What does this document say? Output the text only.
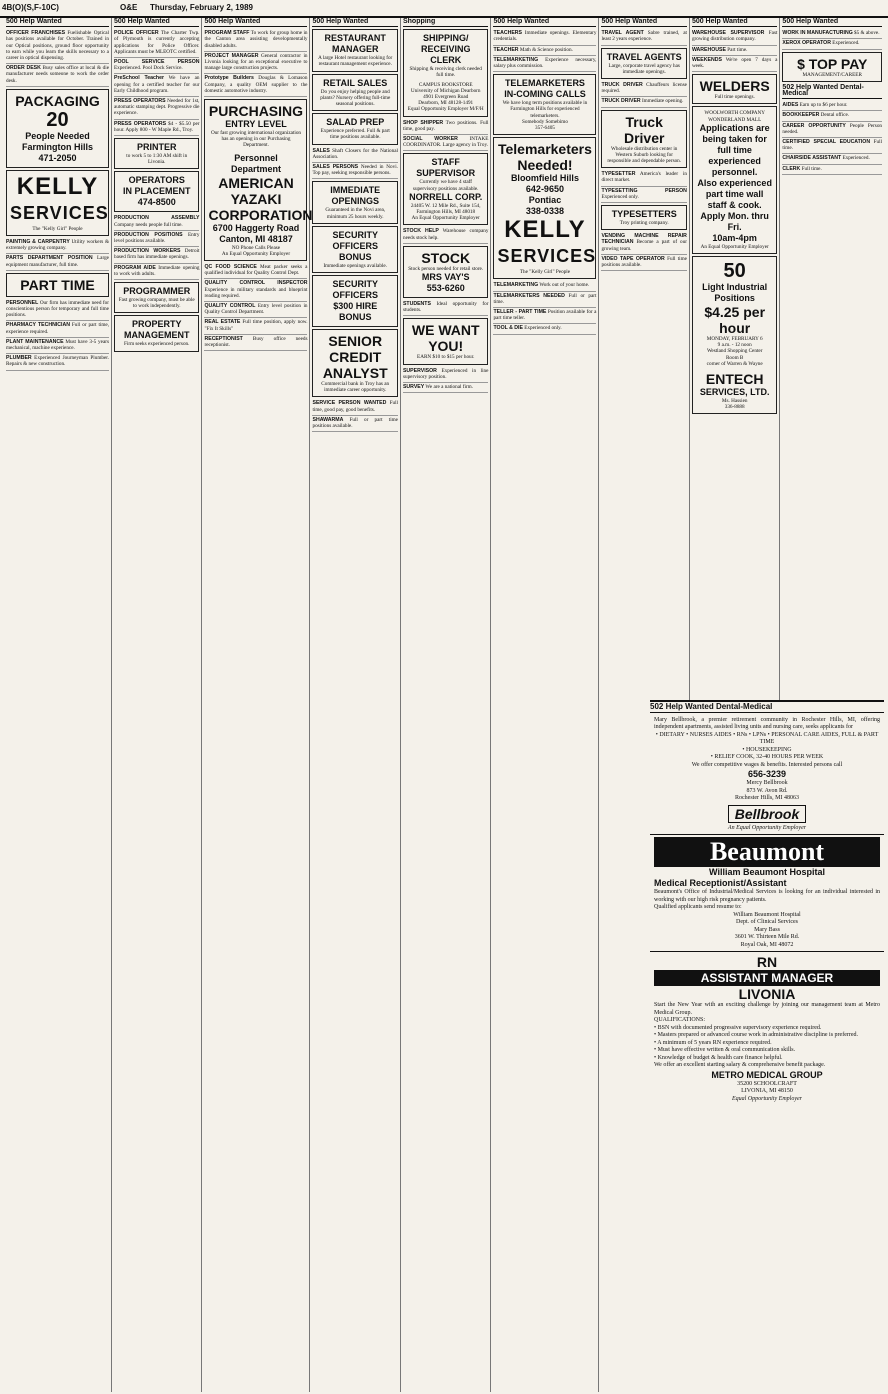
4B(O)(S,F-10C)	O&E Thursday, February 2, 1989
500 Help Wanted
OFFICER FRANCHISES Fuelishable Optical has positions available for October. Trained in our Optical positions, ground floor opportunity to earn while you learn the skills necessary to a career in optical dispensing.
ORDER DESK Busy sales office at local & die manufacturer needs someone to work the order desk.
PACKAGING
20
People Needed
Farmington Hills
471-2050
KELLY
SERVICES
The "Kelly Girl" People
PAINTING & CARPENTRY Utility workers & extremely growing company.
PARTS DEPARTMENT POSITION Large equipment manufacturer, full time.
PART TIME
PERSONNEL Our firm has immediate need for conscientious person for temporary and full time positions.
PHARMACY TECHNICIAN Full or part time, experience required.
PLANT MAINTENANCE Must have 3-5 years mechanical, machine experience.
PLUMBER Experienced Journeyman Plumber. Repairs & new construction.
500 Help Wanted
POLICE OFFICER The Charter Twp. of Plymouth is currently accepting applications for Police Officer. Applicants must be MLEOTC certified.
POOL SERVICE PERSON Experienced. Pool Dock Service.
PreSchool Teacher We have an opening for a certified teacher for our Early Childhood program.
PRESS OPERATORS Needed for 1st, automatic stamping dept. Progressive die experience.
PRESS OPERATORS $4 - $5.50 per hour. Apply 800 - W Maple Rd., Troy.
PRINTER
to work 5 to 1:30 AM shift in Livonia.
OPERATORS
IN PLACEMENT
474-8500
PRODUCTION ASSEMBLY Company needs people full time.
PRODUCTION POSITIONS Entry level positions available.
PRODUCTION WORKERS Detroit based firm has immediate openings.
PROGRAM AIDE Immediate opening to work with adults.
PROGRAMMER
Fast growing company, must be able to work independently.
PROPERTY MANAGEMENT
Firm seeks experienced person.
500 Help Wanted
PROGRAM STAFF To work for group home in the Canton area assisting developmentally disabled adults.
PROJECT MANAGER General contractor in Livonia looking for an exceptional executive to manage large construction projects.
Prototype Builders Douglas & Lomason Company, a quality OEM supplier to the domestic automotive industry.
PURCHASING
ENTRY LEVEL
Our fast growing international organization has an opening in our Purchasing Department.
Personnel Department
AMERICAN YAZAKI CORPORATION
6700 Haggerty Road
Canton, MI 48187
NO Phone Calls Please
An Equal Opportunity Employer
QC FOOD SCIENCE Meat packer seeks a qualified individual for Quality Control Dept.
QUALITY CONTROL INSPECTOR Experience in military standards and blueprint reading required.
QUALITY CONTROL Entry level position in Quality Control Department.
REAL ESTATE Full time position, apply now. "Fix It Skills"
RECEPTIONIST Busy office needs receptionist.
500 Help Wanted
RESTAURANT MANAGER
A large Hotel restaurant looking for restaurant management experience.
RETAIL SALES
Do you enjoy helping people and plants? Nursery offering full-time seasonal positions.
SALAD PREP
Experience preferred. Full & part time positions available.
SALES Shaft Closers for the National Association.
SALES PERSONS Needed in Novi. Top pay, seeking responsible persons.
IMMEDIATE OPENINGS
Guaranteed in the Novi area, minimum 25 hours weekly.
SECURITY OFFICERS
BONUS
Immediate openings available.
SECURITY OFFICERS
$300 HIRE BONUS
SENIOR CREDIT ANALYST
Commercial bank in Troy has an immediate career opportunity.
SERVICE PERSON WANTED Full time, good pay, good benefits.
SHAWARMA Full or part time positions available.
Shopping
SHIPPING/
RECEIVING CLERK
Shipping & receiving clerk needed full time.
CAMPUS BOOKSTORE
University of Michigan Dearborn
4901 Evergreen Road
Dearborn, MI 48128-1491
Equal Opportunity Employer M/F/H
SHOP SHIPPER Two positions. Full time, good pay.
SOCIAL WORKER INTAKE COORDINATOR. Large agency in Troy.
STAFF SUPERVISOR
Currently we have 4 staff supervisory positions available.
NORRELL CORP.
24405 W. 12 Mile Rd., Suite 154,
Farmington Hills, MI 48018
An Equal Opportunity Employer
STOCK HELP Warehouse company needs stock help.
STOCK
Stock person needed for retail store.
MRS VAY'S
553-6260
STUDENTS Ideal opportunity for students.
WE WANT YOU!
EARN $10 to $15 per hour.
SUPERVISOR Experienced in line supervisory position.
SURVEY We are a national firm.
500 Help Wanted
TEACHERS Immediate openings. Elementary credentials.
TEACHER Math & Science position.
TELEMARKETING Experience necessary, salary plus commission.
TELEMARKETERS
IN-COMING CALLS
We have long term positions available in Farmington Hills for experienced telemarketers.
Somebody Somebimo
357-6405
Telemarketers
Needed!
Bloomfield Hills
642-9650
Pontiac
338-0338
KELLY
SERVICES
The "Kelly Girl" People
TELEMARKETING Work out of your home.
TELEMARKETERS NEEDED Full or part time.
TELLER - PART TIME Position available for a part time teller.
TOOL & DIE Experienced only.
500 Help Wanted
TRAVEL AGENT Sabre trained, at least 2 years experience.
TRAVEL AGENTS
Large, corporate travel agency has immediate openings.
TRUCK DRIVER Chauffeurs license required.
TRUCK DRIVER Immediate opening.
Truck Driver
Wholesale distribution center in Western Suburb looking for responsible and dependable person.
TYPESETTER America's leader in direct market.
TYPESETTING PERSON Experienced only.
TYPESETTERS
Troy printing company.
VENDING MACHINE REPAIR TECHNICIAN Become a part of our growing team.
VIDEO TAPE OPERATOR Full time positions available.
500 Help Wanted
WAREHOUSE SUPERVISOR Fast growing distribution company.
WAREHOUSE Part time.
WEEKENDS We're open 7 days a week.
WELDERS
Full time openings.
WOOLWORTH COMPANY
WONDERLAND MALL
Applications are being taken for full time experienced personnel.
Also experienced part time wall staff & cook.
Apply Mon. thru Fri.
10am-4pm
An Equal Opportunity Employer
50
Light Industrial
Positions
$4.25 per hour
MONDAY, FEBRUARY 6
9 a.m. - 12 noon
Westland Shopping Center
Room B
corner of Warren & Wayne
ENTECH
SERVICES, LTD.
Ms. Hassien
336-8888
500 Help Wanted
WORK IN MANUFACTURING $5 & above.
XEROX OPERATOR Experienced.
$ TOP PAY
MANAGEMENT/CAREER
502 Help Wanted Dental-Medical
AIDES Earn up to $6 per hour.
BOOKKEEPER Dental office.
CAREER OPPORTUNITY People Person needed.
CERTIFIED SPECIAL EDUCATION Full time.
CHAIRSIDE ASSISTANT Experienced.
CLERK Full time.
502 Help Wanted Dental-Medical
Mary Bellbrook, a premier retirement community in Rochester Hills, MI, offering independent apartments, assisted living units and nursing care, seeks applicants for
• DIETARY • NURSES AIDES • RNs • LPNs • PERSONAL CARE AIDES, FULL & PART TIME
• HOUSEKEEPING
• RELIEF COOK, 32-40 HOURS PER WEEK
We offer competitive wages & benefits. Interested persons call
656-3239
Mercy Bellbrook
873 W. Avon Rd.
Rochester Hills, MI 48063
Bellbrook
An Equal Opportunity Employer
Beaumont
William Beaumont Hospital
Medical Receptionist/Assistant
Beaumont's Office of Industrial/Medical Services is looking for an individual interested in working with our high risk pregnancy patients.
Qualified applicants send resume to:
William Beaumont Hospital
Dept. of Clinical Services
Mary Bass
3601 W. Thirteen Mile Rd.
Royal Oak, MI 48072
RN
ASSISTANT MANAGER
LIVONIA
Start the New Year with an exciting challenge by joining our management team at Metro Medical Group.
QUALIFICATIONS:
• BSN with documented progressive supervisory experience required.
• Masters prepared or advanced course work in administrative discipline is preferred.
• A minimum of 5 years RN experience required.
• Must have effective written & oral communication skills.
• Knowledge of budget & health care finance helpful.
We offer an excellent starting salary & comprehensive benefit package.
METRO MEDICAL GROUP
35200 SCHOOLCRAFT
LIVONIA, MI 48150
Equal Opportunity Employer
